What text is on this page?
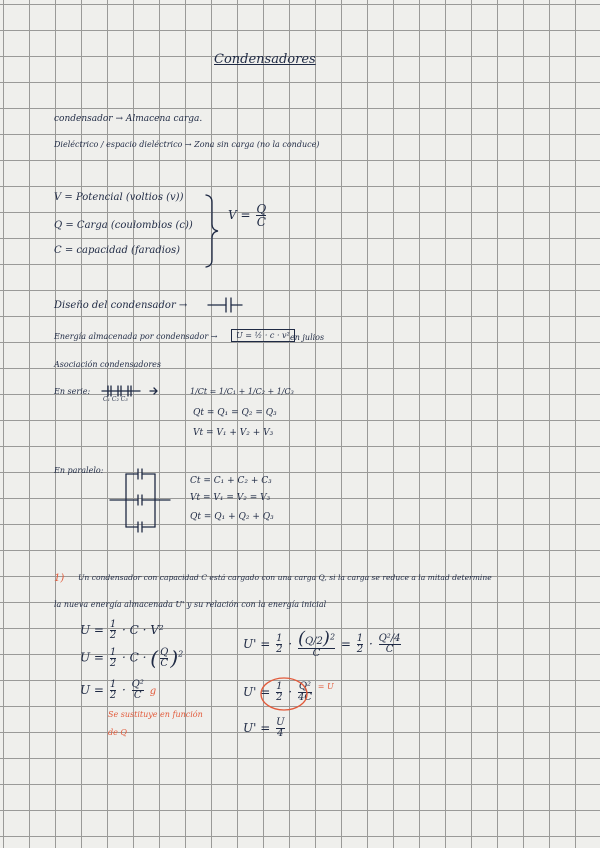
Condensadores
condensador → Almacena carga.
Dieléctrico / espacio dieléctrico → Zona sin carga (no la conduce)
V = Potencial (voltios (v))
Q = Carga (coulombios (c))
C = capacidad (faradios)
$V = \frac{Q}{C}$
Diseño del condensador →
Energía almacenada por condensador →	U = ½ · c · v² en julios
Asociación condensadores
En serie:
C₁ C₂ C₃
1/Ct = 1/C₁ + 1/C₂ + 1/C₃
Qt = Q₁ = Q₂ = Q₃
Vt = V₁ + V₂ + V₃
En paralelo:
Ct = C₁ + C₂ + C₃
Vt = V₁ = V₂ = V₃
Qt = Q₁ + Q₂ + Q₃
1) Un condensador con capacidad C está cargado con una carga Q, si la carga se reduce a la mitad determine
la nueva energía almacenada U' y su relación con la energía inicial
$U = \frac{1}{2} \cdot C \cdot V^2$
$U = \frac{1}{2} \cdot C$ · ( $\frac{Q}{C} )^2$
$U = \frac{1}{2} \cdot \frac{\text{Q²}}{C}$ g
Se sustituye en función
de Q
$U' = \frac{1}{2} \cdot \frac{(Q/2)^2}{C} = \frac{1}{2} \cdot \frac{\text{Q²/4}}{C}$
$U' = \frac{1}{2} \cdot \frac{\text{Q²}}{4C} ^{= U}$
$U' = \frac{U}{4}$
